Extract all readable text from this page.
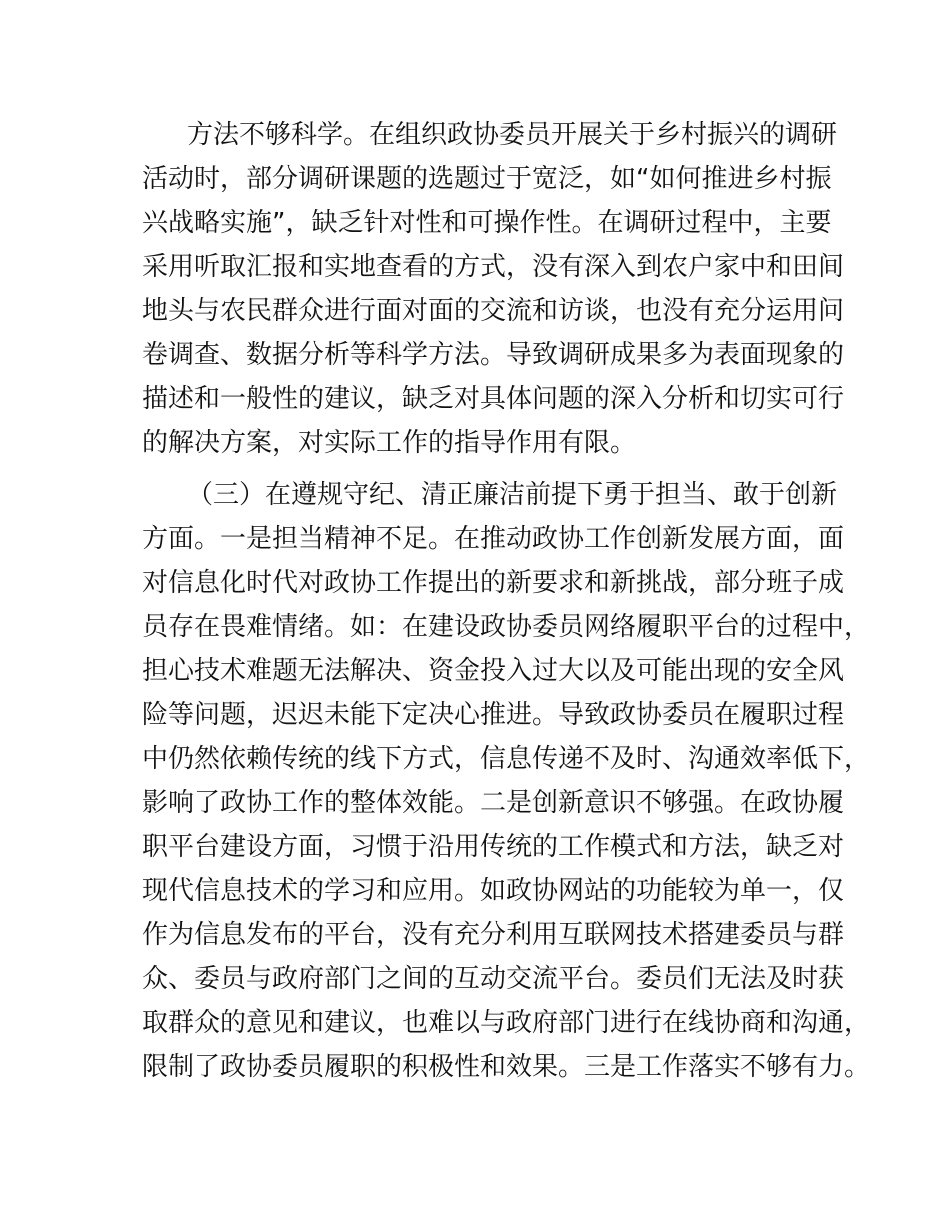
方法不够科学。在组织政协委员开展关于乡村振兴的调研
活动时，部分调研课题的选题过于宽泛，如“如何推进乡村振
兴战略实施”，缺乏针对性和可操作性。在调研过程中，主要
采用听取汇报和实地查看的方式，没有深入到农户家中和田间
地头与农民群众进行面对面的交流和访谈，也没有充分运用问
卷调查、数据分析等科学方法。导致调研成果多为表面现象的
描述和一般性的建议，缺乏对具体问题的深入分析和切实可行
的解决方案，对实际工作的指导作用有限。
（三）在遵规守纪、清正廉洁前提下勇于担当、敢于创新
方面。一是担当精神不足。在推动政协工作创新发展方面，面
对信息化时代对政协工作提出的新要求和新挑战，部分班子成
员存在畏难情绪。如：在建设政协委员网络履职平台的过程中，
担心技术难题无法解决、资金投入过大以及可能出现的安全风
险等问题，迟迟未能下定决心推进。导致政协委员在履职过程
中仍然依赖传统的线下方式，信息传递不及时、沟通效率低下，
影响了政协工作的整体效能。二是创新意识不够强。在政协履
职平台建设方面，习惯于沿用传统的工作模式和方法，缺乏对
现代信息技术的学习和应用。如政协网站的功能较为单一，仅
作为信息发布的平台，没有充分利用互联网技术搭建委员与群
众、委员与政府部门之间的互动交流平台。委员们无法及时获
取群众的意见和建议，也难以与政府部门进行在线协商和沟通，
限制了政协委员履职的积极性和效果。三是工作落实不够有力。
